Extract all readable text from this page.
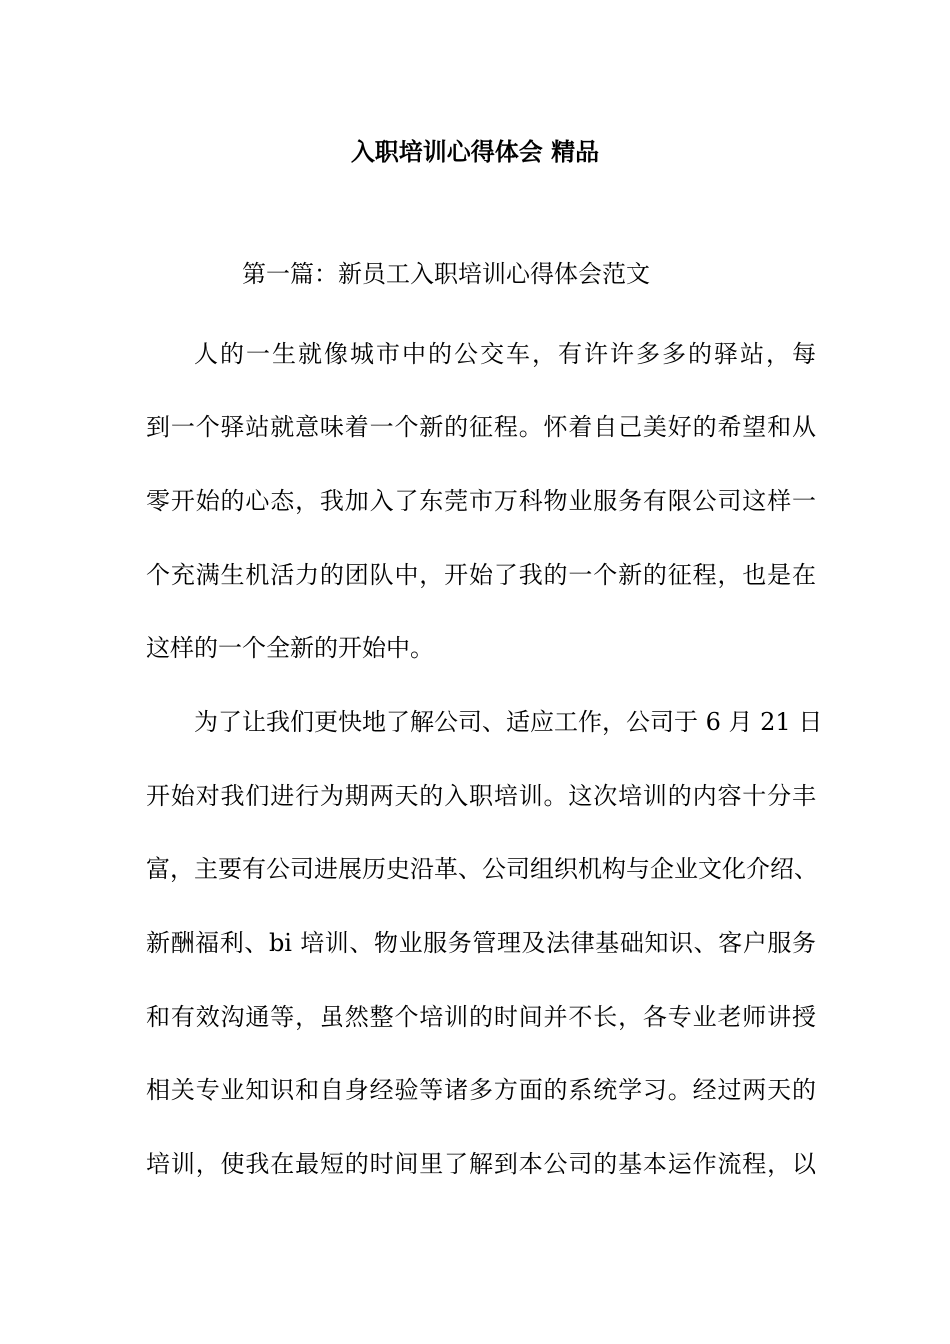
入职培训心得体会 精品
第一篇：新员工入职培训心得体会范文
人的一生就像城市中的公交车，有许许多多的驿站，每
到一个驿站就意味着一个新的征程。怀着自己美好的希望和从
零开始的心态，我加入了东莞市万科物业服务有限公司这样一
个充满生机活力的团队中，开始了我的一个新的征程，也是在
这样的一个全新的开始中。
为了让我们更快地了解公司、适应工作，公司于 6 月 21 日
开始对我们进行为期两天的入职培训。这次培训的内容十分丰
富，主要有公司进展历史沿革、公司组织机构与企业文化介绍、
新酬福利、bi 培训、物业服务管理及法律基础知识、客户服务
和有效沟通等，虽然整个培训的时间并不长，各专业老师讲授
相关专业知识和自身经验等诸多方面的系统学习。经过两天的
培训，使我在最短的时间里了解到本公司的基本运作流程，以
